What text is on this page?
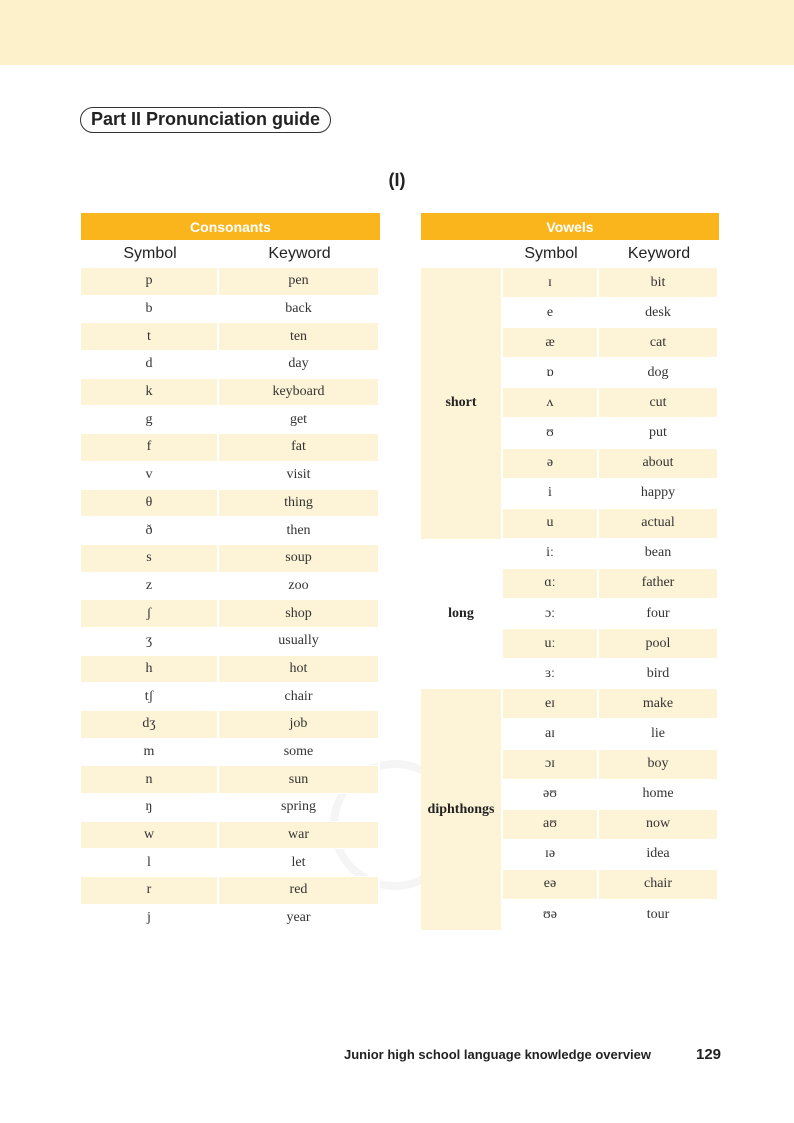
Part II Pronunciation guide
(I)
Consonants	
Symbol	Keyword
p	pen
b	back
t	ten
d	day
k	keyboard
g	get
f	fat
v	visit
θ	thing
ð	then
s	soup
z	zoo
ʃ	shop
ʒ	usually
h	hot
tʃ	chair
dʒ	job
m	some
n	sun
ŋ	spring
w	war
l	let
r	red
j	year
Vowels		
	Symbol	Keyword
short	ɪ	bit
	e	desk
	æ	cat
	ɒ	dog
	ʌ	cut
	ʊ	put
	ə	about
	i	happy
	u	actual
long	iː	bean
	ɑː	father
	ɔː	four
	uː	pool
	ɜː	bird
diphthongs	eɪ	make
	aɪ	lie
	ɔɪ	boy
	əʊ	home
	aʊ	now
	ɪə	idea
	eə	chair
	ʊə	tour
Junior high school language knowledge overview	129
